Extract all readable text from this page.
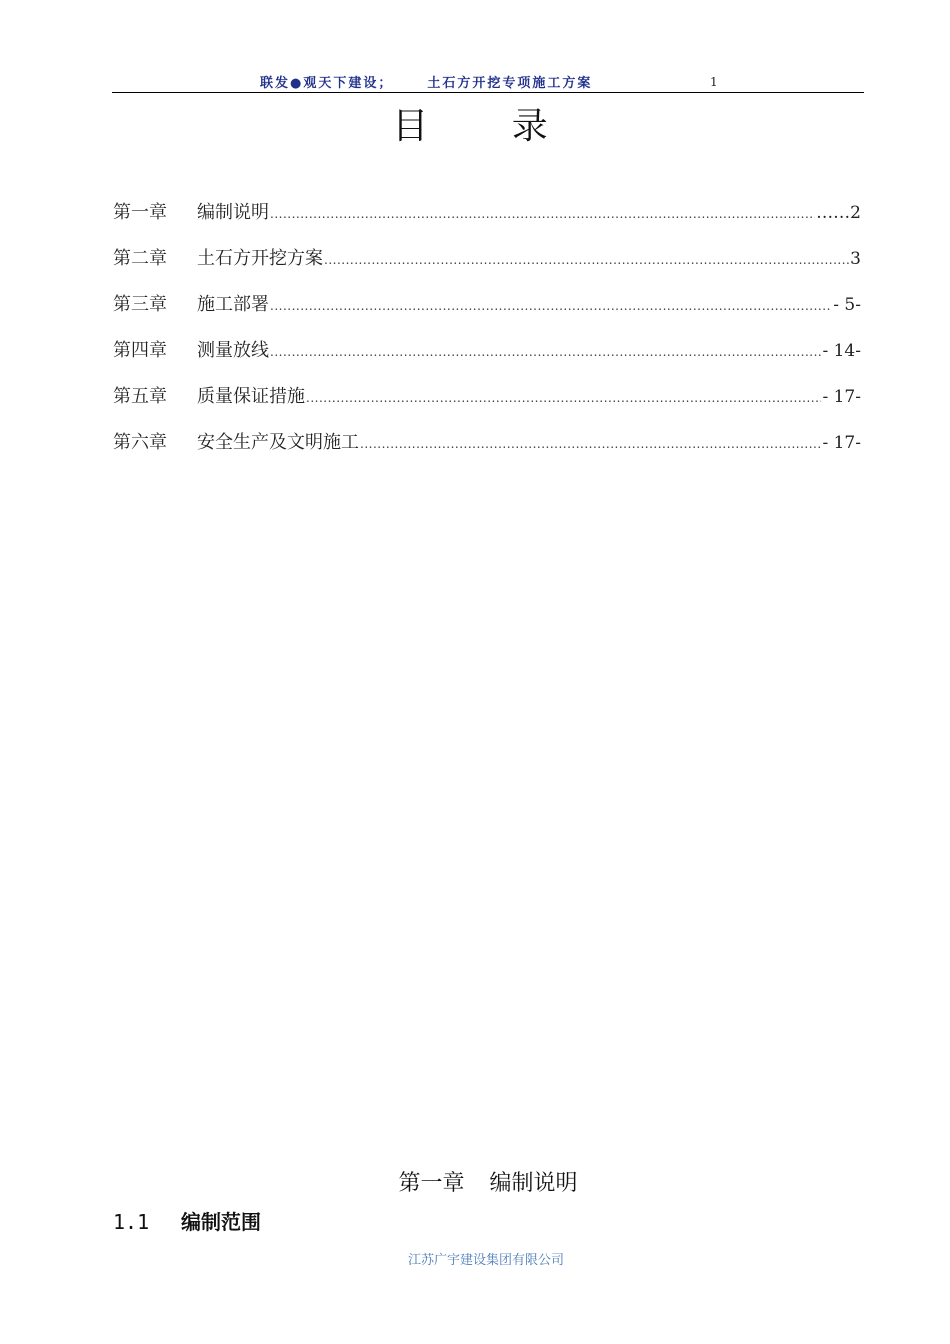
联发●观天下建设；	土石方开挖专项施工方案	1
目 录
第一章	编制说明 .....	……2
第二章	土石方开挖方案 .....	3
第三章	施工部署 .....	- 5-
第四章	测量放线 .....	- 14-
第五章	质量保证措施 .....	- 17-
第六章	安全生产及文明施工 .....	- 17-
第一章 编制说明
1.1 编制范围
江苏广宇建设集团有限公司
